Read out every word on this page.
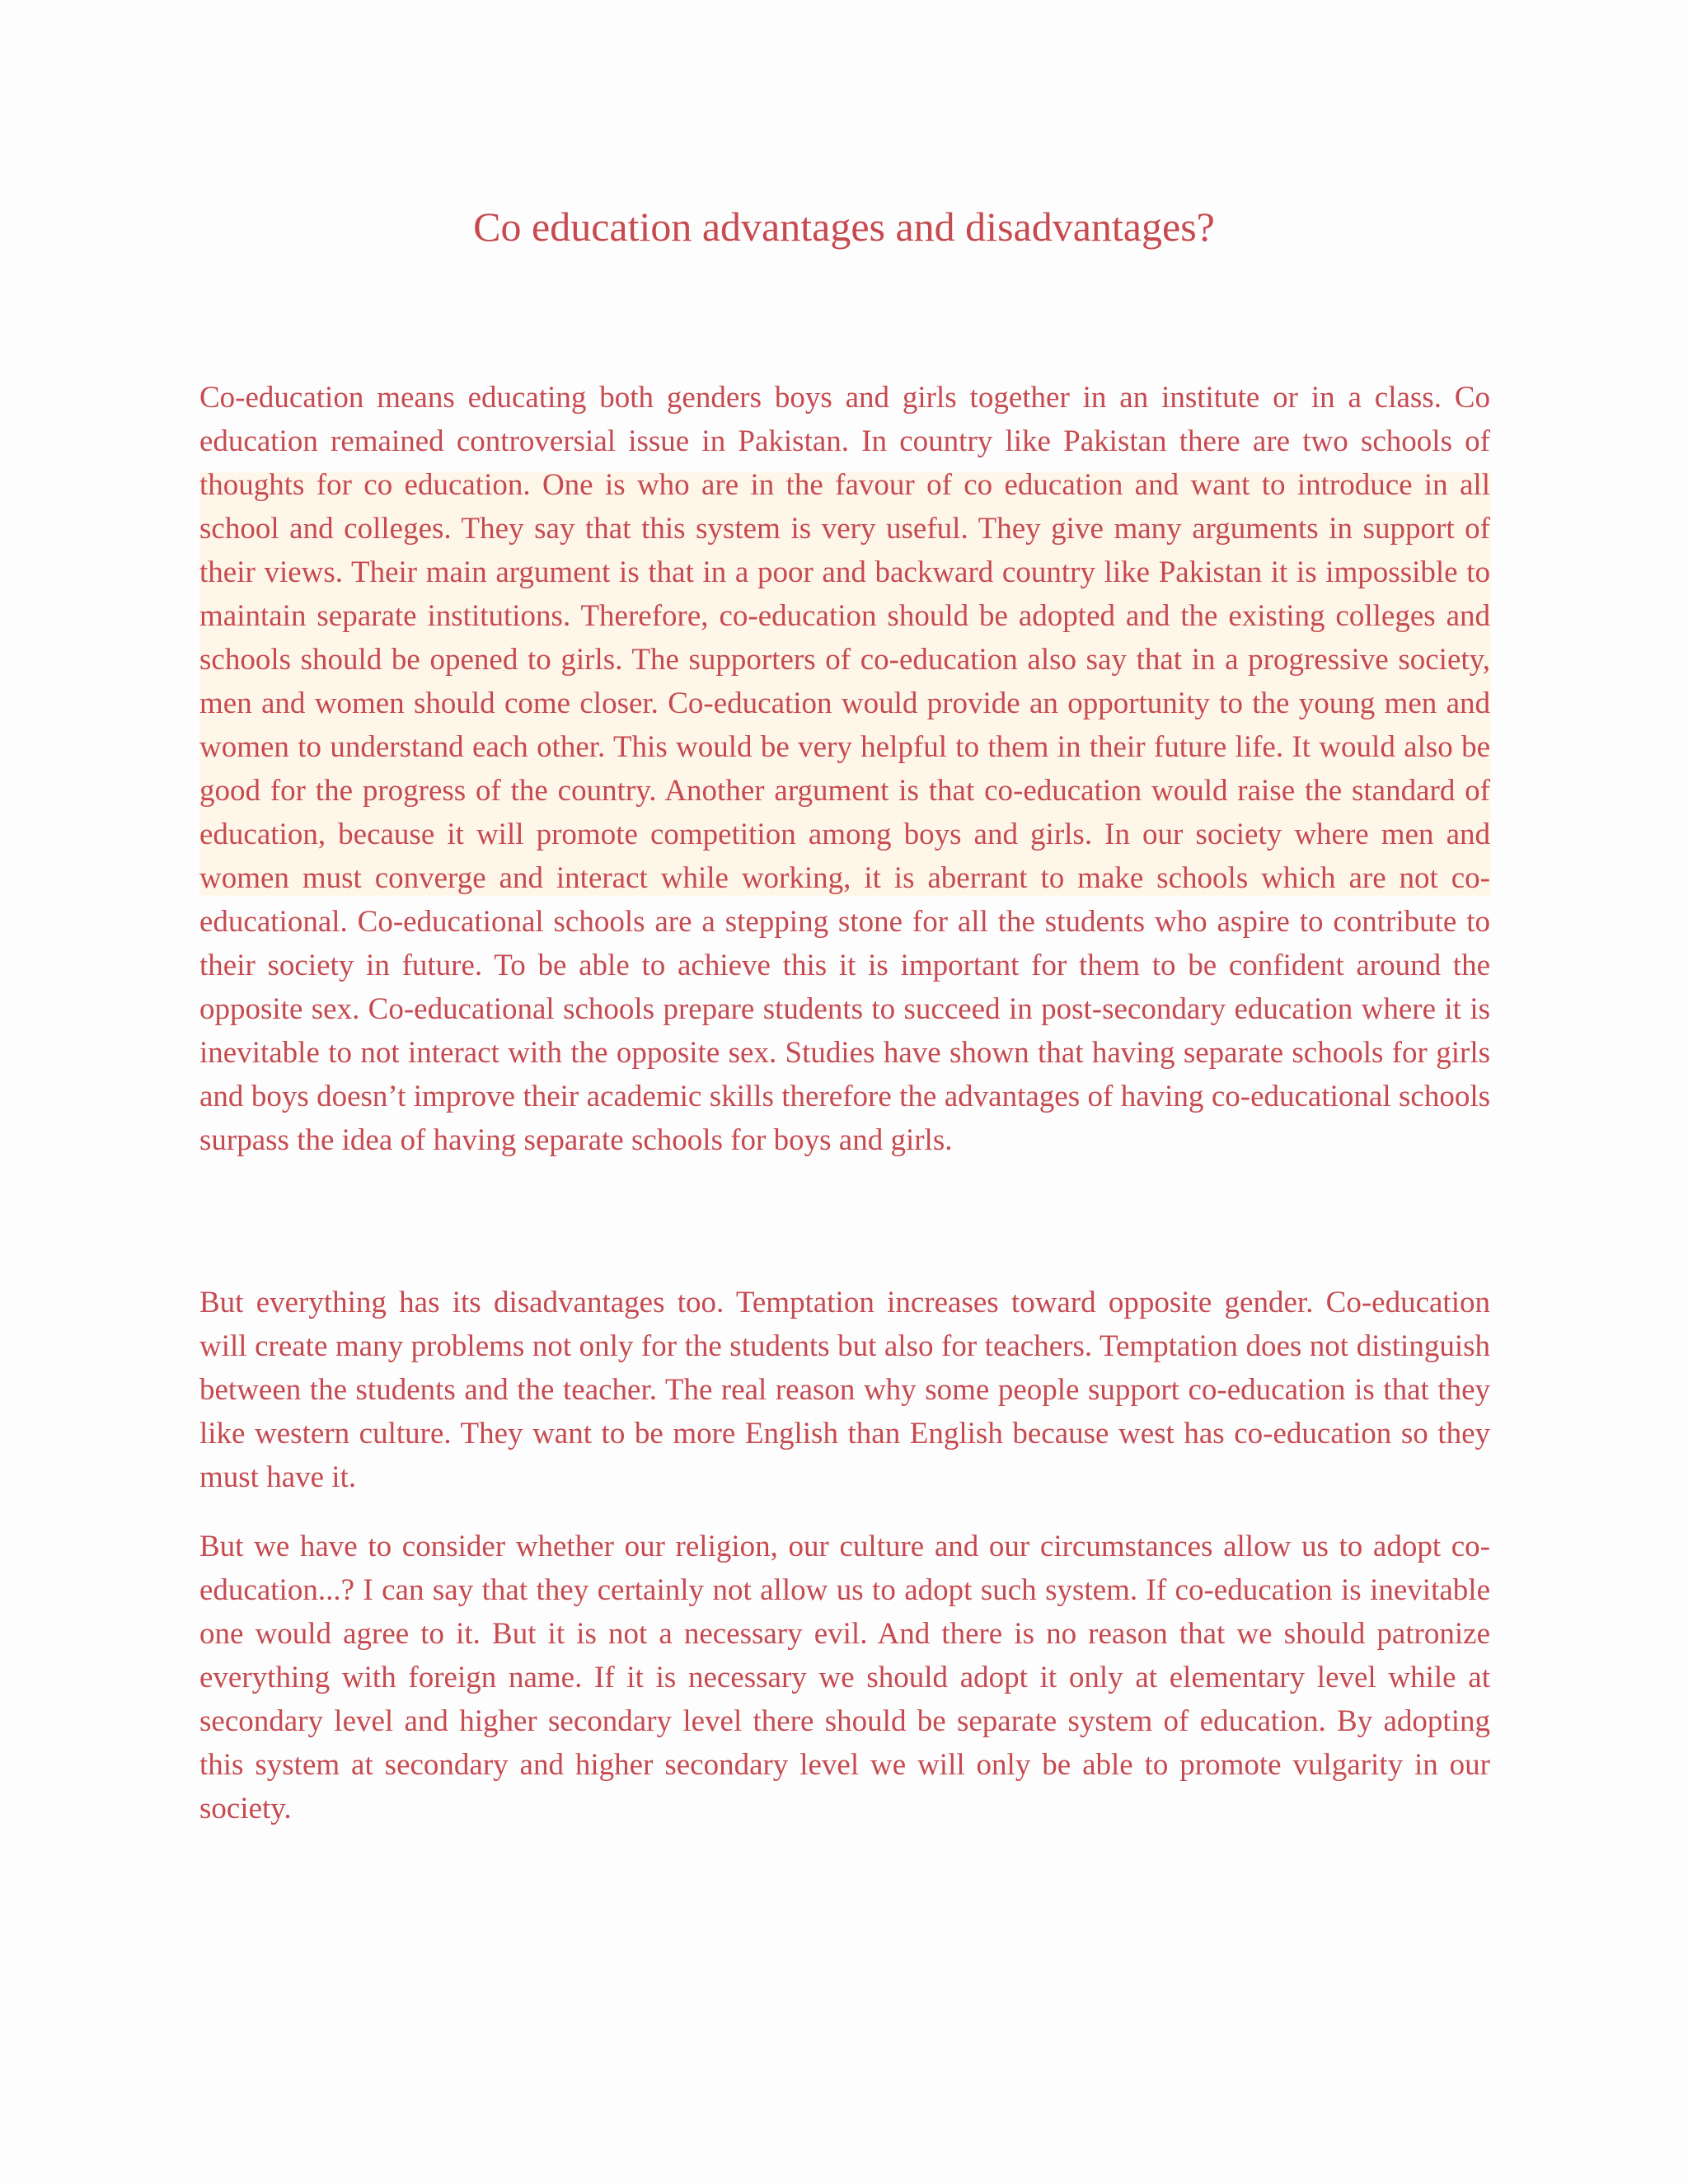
Co education advantages and disadvantages?

Co-education means educating both genders boys and girls together in an institute or in a class. Co education remained controversial issue in Pakistan. In country like Pakistan there are two schools of thoughts for co education. One is who are in the favour of co education and want to introduce in all school and colleges. They say that this system is very useful. They give many arguments in support of their views. Their main argument is that in a poor and backward country like Pakistan it is impossible to maintain separate institutions. Therefore, co-education should be adopted and the existing colleges and schools should be opened to girls. The supporters of co-education also say that in a progressive society, men and women should come closer. Co-education would provide an opportunity to the young men and women to understand each other. This would be very helpful to them in their future life. It would also be good for the progress of the country. Another argument is that co-education would raise the standard of education, because it will promote competition among boys and girls. In our society where men and women must converge and interact while working, it is aberrant to make schools which are not co-educational. Co-educational schools are a stepping stone for all the students who aspire to contribute to their society in future. To be able to achieve this it is important for them to be confident around the opposite sex. Co-educational schools prepare students to succeed in post-secondary education where it is inevitable to not interact with the opposite sex. Studies have shown that having separate schools for girls and boys doesn’t improve their academic skills therefore the advantages of having co-educational schools surpass the idea of having separate schools for boys and girls.

But everything has its disadvantages too. Temptation increases toward opposite gender. Co-education will create many problems not only for the students but also for teachers. Temptation does not distinguish between the students and the teacher. The real reason why some people support co-education is that they like western culture. They want to be more English than English because west has co-education so they must have it.

But we have to consider whether our religion, our culture and our circumstances allow us to adopt co-education...? I can say that they certainly not allow us to adopt such system. If co-education is inevitable one would agree to it. But it is not a necessary evil. And there is no reason that we should patronize everything with foreign name. If it is necessary we should adopt it only at elementary level while at secondary level and higher secondary level there should be separate system of education. By adopting this system at secondary and higher secondary level we will only be able to promote vulgarity in our society.
